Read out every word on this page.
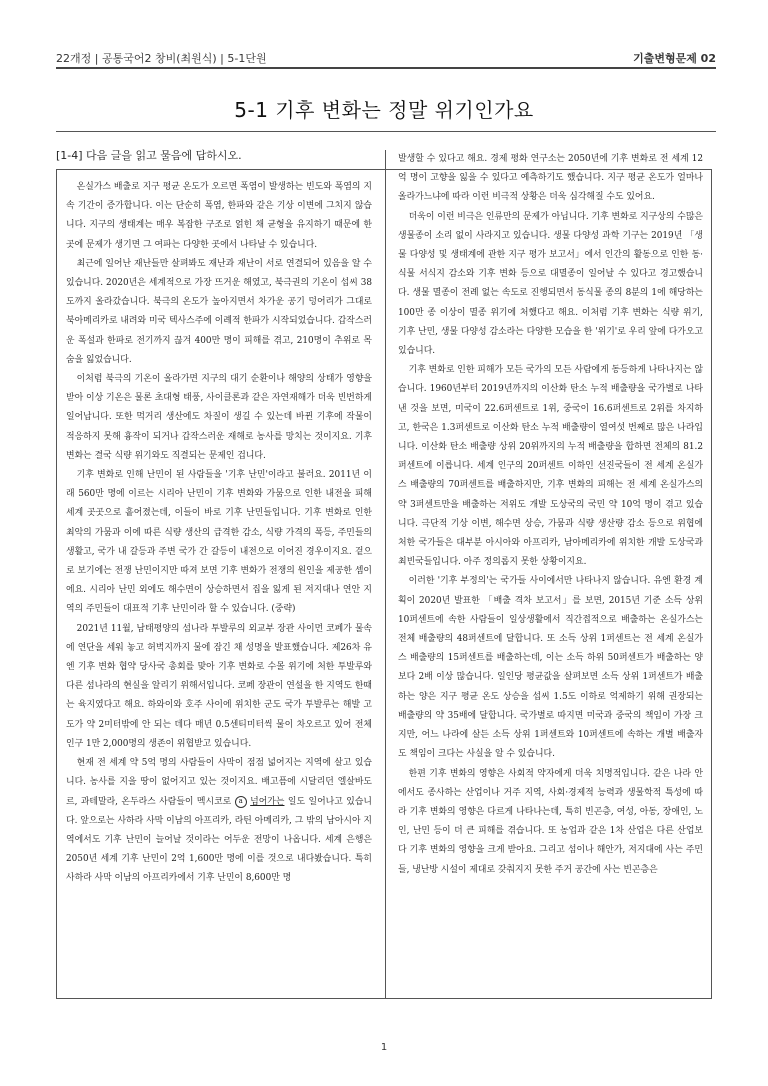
22개정 | 공통국어2 창비(최원식) | 5-1단원	기출변형문제 02
5-1 기후 변화는 정말 위기인가요
[1-4] 다음 글을 읽고 물음에 답하시오.

온실가스 배출로 지구 평균 온도가 오르면 폭염이 발생하는 빈도와 폭염의 지속 기간이 증가합니다. 이는 단순히 폭염, 한파와 같은 기상 이변에 그치지 않습니다. 지구의 생태계는 매우 복잡한 구조로 얽힌 채 균형을 유지하기 때문에 한 곳에 문제가 생기면 그 여파는 다양한 곳에서 나타날 수 있습니다.

최근에 일어난 재난들만 살펴봐도 재난과 재난이 서로 연결되어 있음을 알 수 있습니다. 2020년은 세계적으로 가장 뜨거운 해였고, 북극권의 기온이 섭씨 38도까지 올라갔습니다. 북극의 온도가 높아지면서 차가운 공기 덩어리가 그대로 북아메리카로 내려와 미국 텍사스주에 이례적 한파가 시작되었습니다. 갑작스러운 폭설과 한파로 전기까지 끊겨 400만 명이 피해를 겪고, 210명이 추위로 목숨을 잃었습니다.

이처럼 북극의 기온이 올라가면 지구의 대기 순환이나 해양의 상태가 영향을 받아 이상 기온은 물론 초대형 태풍, 사이클론과 같은 자연재해가 더욱 빈번하게 일어납니다. 또한 먹거리 생산에도 차질이 생길 수 있는데 바뀐 기후에 작물이 적응하지 못해 흉작이 되거나 갑작스러운 재해로 농사를 망치는 것이지요. 기후 변화는 결국 식량 위기와도 직결되는 문제인 겁니다.

기후 변화로 인해 난민이 된 사람들을 '기후 난민'이라고 불러요. 2011년 이래 560만 명에 이르는 시리아 난민이 기후 변화와 가뭄으로 인한 내전을 피해 세계 곳곳으로 흩어졌는데, 이들이 바로 기후 난민들입니다. 기후 변화로 인한 최악의 가뭄과 이에 따른 식량 생산의 급격한 감소, 식량 가격의 폭등, 주민들의 생활고, 국가 내 갈등과 주변 국가 간 갈등이 내전으로 이어진 경우이지요. 겉으로 보기에는 전쟁 난민이지만 따져 보면 기후 변화가 전쟁의 원인을 제공한 셈이에요. 시리아 난민 외에도 해수면이 상승하면서 집을 잃게 된 저지대나 연안 지역의 주민들이 대표적 기후 난민이라 할 수 있습니다. (중략)

2021년 11월, 남태평양의 섬나라 투발루의 외교부 장관 사이먼 코페가 물속에 연단을 세워 놓고 허벅지까지 물에 잠긴 채 성명을 발표했습니다. 제26차 유엔 기후 변화 협약 당사국 총회를 맞아 기후 변화로 수몰 위기에 처한 투발루와 다른 섬나라의 현실을 알리기 위해서입니다. 코페 장관이 연설을 한 지역도 한때는 육지였다고 해요. 하와이와 호주 사이에 위치한 군도 국가 투발루는 해발 고도가 약 2미터밖에 안 되는 데다 매년 0.5센티미터씩 물이 차오르고 있어 전체 인구 1만 2,000명의 생존이 위협받고 있습니다.

현재 전 세계 약 5억 명의 사람들이 사막이 점점 넓어지는 지역에 살고 있습니다. 농사를 지을 땅이 없어지고 있는 것이지요. 배고픔에 시달리던 엘살바도르, 과테말라, 온두라스 사람들이 멕시코로 a 넘어가는 일도 일어나고 있습니다. 앞으로는 사하라 사막 이남의 아프리카, 라틴 아메리카, 그 밖의 남아시아 지역에서도 기후 난민이 늘어날 것이라는 어두운 전망이 나옵니다. 세계 은행은 2050년 세계 기후 난민이 2억 1,600만 명에 이를 것으로 내다봤습니다. 특히 사하라 사막 이남의 아프리카에서 기후 난민이 8,600만 명

발생할 수 있다고 해요. 경제 평화 연구소는 2050년에 기후 변화로 전 세계 12억 명이 고향을 잃을 수 있다고 예측하기도 했습니다. 지구 평균 온도가 얼마나 올라가느냐에 따라 이런 비극적 상황은 더욱 심각해질 수도 있어요.

더욱이 이런 비극은 인류만의 문제가 아닙니다. 기후 변화로 지구상의 수많은 생물종이 소리 없이 사라지고 있습니다. 생물 다양성 과학 기구는 2019년 「생물 다양성 및 생태계에 관한 지구 평가 보고서」에서 인간의 활동으로 인한 동·식물 서식지 감소와 기후 변화 등으로 대멸종이 일어날 수 있다고 경고했습니다. 생물 멸종이 전례 없는 속도로 진행되면서 동식물 종의 8분의 1에 해당하는 100만 종 이상이 멸종 위기에 처했다고 해요. 이처럼 기후 변화는 식량 위기, 기후 난민, 생물 다양성 감소라는 다양한 모습을 한 '위기'로 우리 앞에 다가오고 있습니다.

기후 변화로 인한 피해가 모든 국가의 모든 사람에게 동등하게 나타나지는 않습니다. 1960년부터 2019년까지의 이산화 탄소 누적 배출량을 국가별로 나타낸 것을 보면, 미국이 22.6퍼센트로 1위, 중국이 16.6퍼센트로 2위를 차지하고, 한국은 1.3퍼센트로 이산화 탄소 누적 배출량이 열여섯 번째로 많은 나라입니다. 이산화 탄소 배출량 상위 20위까지의 누적 배출량을 합하면 전체의 81.2퍼센트에 이릅니다. 세계 인구의 20퍼센트 이하인 선진국들이 전 세계 온실가스 배출량의 70퍼센트를 배출하지만, 기후 변화의 피해는 전 세계 온실가스의 약 3퍼센트만을 배출하는 저위도 개발 도상국의 국민 약 10억 명이 겪고 있습니다. 극단적 기상 이변, 해수면 상승, 가뭄과 식량 생산량 감소 등으로 위협에 처한 국가들은 대부분 아시아와 아프리카, 남아메리카에 위치한 개발 도상국과 최빈국들입니다. 아주 정의롭지 못한 상황이지요.

이러한 '기후 부정의'는 국가들 사이에서만 나타나지 않습니다. 유엔 환경 계획이 2020년 발표한 「배출 격차 보고서」를 보면, 2015년 기준 소득 상위 10퍼센트에 속한 사람들이 일상생활에서 직간접적으로 배출하는 온실가스는 전체 배출량의 48퍼센트에 달합니다. 또 소득 상위 1퍼센트는 전 세계 온실가스 배출량의 15퍼센트를 배출하는데, 이는 소득 하위 50퍼센트가 배출하는 양보다 2배 이상 많습니다. 일인당 평균값을 살펴보면 소득 상위 1퍼센트가 배출하는 양은 지구 평균 온도 상승을 섭씨 1.5도 이하로 억제하기 위해 권장되는 배출량의 약 35배에 달합니다. 국가별로 따지면 미국과 중국의 책임이 가장 크지만, 어느 나라에 살든 소득 상위 1퍼센트와 10퍼센트에 속하는 개별 배출자도 책임이 크다는 사실을 알 수 있습니다.

한편 기후 변화의 영향은 사회적 약자에게 더욱 치명적입니다. 같은 나라 안에서도 종사하는 산업이나 거주 지역, 사회·경제적 능력과 생물학적 특성에 따라 기후 변화의 영향은 다르게 나타나는데, 특히 빈곤층, 여성, 아동, 장애인, 노인, 난민 등이 더 큰 피해를 겪습니다. 또 농업과 같은 1차 산업은 다른 산업보다 기후 변화의 영향을 크게 받아요. 그리고 섬이나 해안가, 저지대에 사는 주민들, 냉난방 시설이 제대로 갖춰지지 못한 주거 공간에 사는 빈곤층은

1
